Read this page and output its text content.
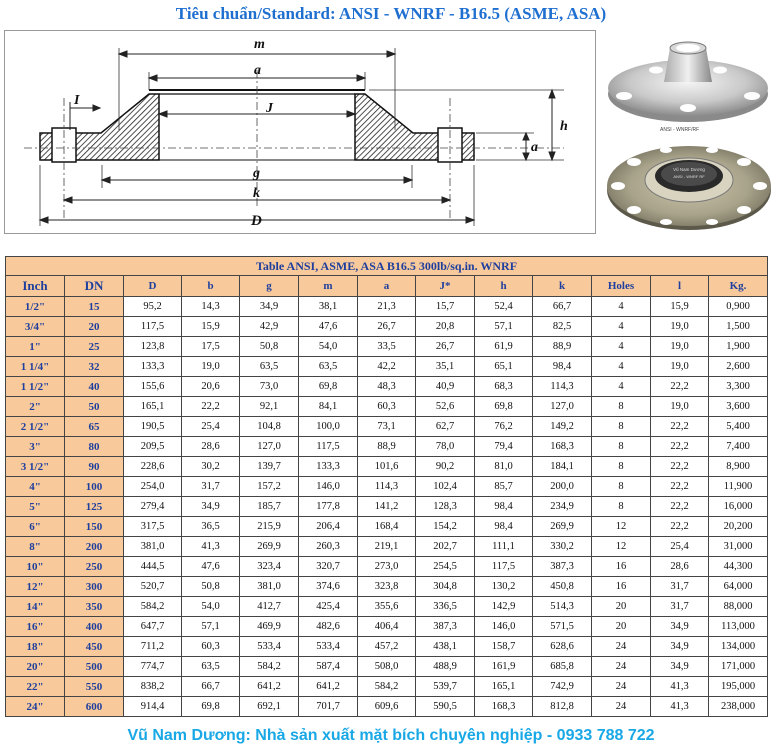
Tiêu chuẩn/Standard: ANSI - WNRF - B16.5 (ASME, ASA)
m
a
J
I
h
a
g
k
D
ANSI - WNRF/RF
Vũ Nam Dương
ANSI - WNRF RF
Table ANSI, ASME, ASA B16.5 300lb/sq.in. WNRF												
Inch	DN	D	b	g	m	a	J*	h	k	Holes	l	Kg.
1/2"	15	95,2	14,3	34,9	38,1	21,3	15,7	52,4	66,7	4	15,9	0,900
3/4"	20	117,5	15,9	42,9	47,6	26,7	20,8	57,1	82,5	4	19,0	1,500
1"	25	123,8	17,5	50,8	54,0	33,5	26,7	61,9	88,9	4	19,0	1,900
1 1/4"	32	133,3	19,0	63,5	63,5	42,2	35,1	65,1	98,4	4	19,0	2,600
1 1/2"	40	155,6	20,6	73,0	69,8	48,3	40,9	68,3	114,3	4	22,2	3,300
2"	50	165,1	22,2	92,1	84,1	60,3	52,6	69,8	127,0	8	19,0	3,600
2 1/2"	65	190,5	25,4	104,8	100,0	73,1	62,7	76,2	149,2	8	22,2	5,400
3"	80	209,5	28,6	127,0	117,5	88,9	78,0	79,4	168,3	8	22,2	7,400
3 1/2"	90	228,6	30,2	139,7	133,3	101,6	90,2	81,0	184,1	8	22,2	8,900
4"	100	254,0	31,7	157,2	146,0	114,3	102,4	85,7	200,0	8	22,2	11,900
5"	125	279,4	34,9	185,7	177,8	141,2	128,3	98,4	234,9	8	22,2	16,000
6"	150	317,5	36,5	215,9	206,4	168,4	154,2	98,4	269,9	12	22,2	20,200
8"	200	381,0	41,3	269,9	260,3	219,1	202,7	111,1	330,2	12	25,4	31,000
10"	250	444,5	47,6	323,4	320,7	273,0	254,5	117,5	387,3	16	28,6	44,300
12"	300	520,7	50,8	381,0	374,6	323,8	304,8	130,2	450,8	16	31,7	64,000
14"	350	584,2	54,0	412,7	425,4	355,6	336,5	142,9	514,3	20	31,7	88,000
16"	400	647,7	57,1	469,9	482,6	406,4	387,3	146,0	571,5	20	34,9	113,000
18"	450	711,2	60,3	533,4	533,4	457,2	438,1	158,7	628,6	24	34,9	134,000
20"	500	774,7	63,5	584,2	587,4	508,0	488,9	161,9	685,8	24	34,9	171,000
22"	550	838,2	66,7	641,2	641,2	584,2	539,7	165,1	742,9	24	41,3	195,000
24"	600	914,4	69,8	692,1	701,7	609,6	590,5	168,3	812,8	24	41,3	238,000
Vũ Nam Dương: Nhà sản xuất mặt bích chuyên nghiệp - 0933 788 722
